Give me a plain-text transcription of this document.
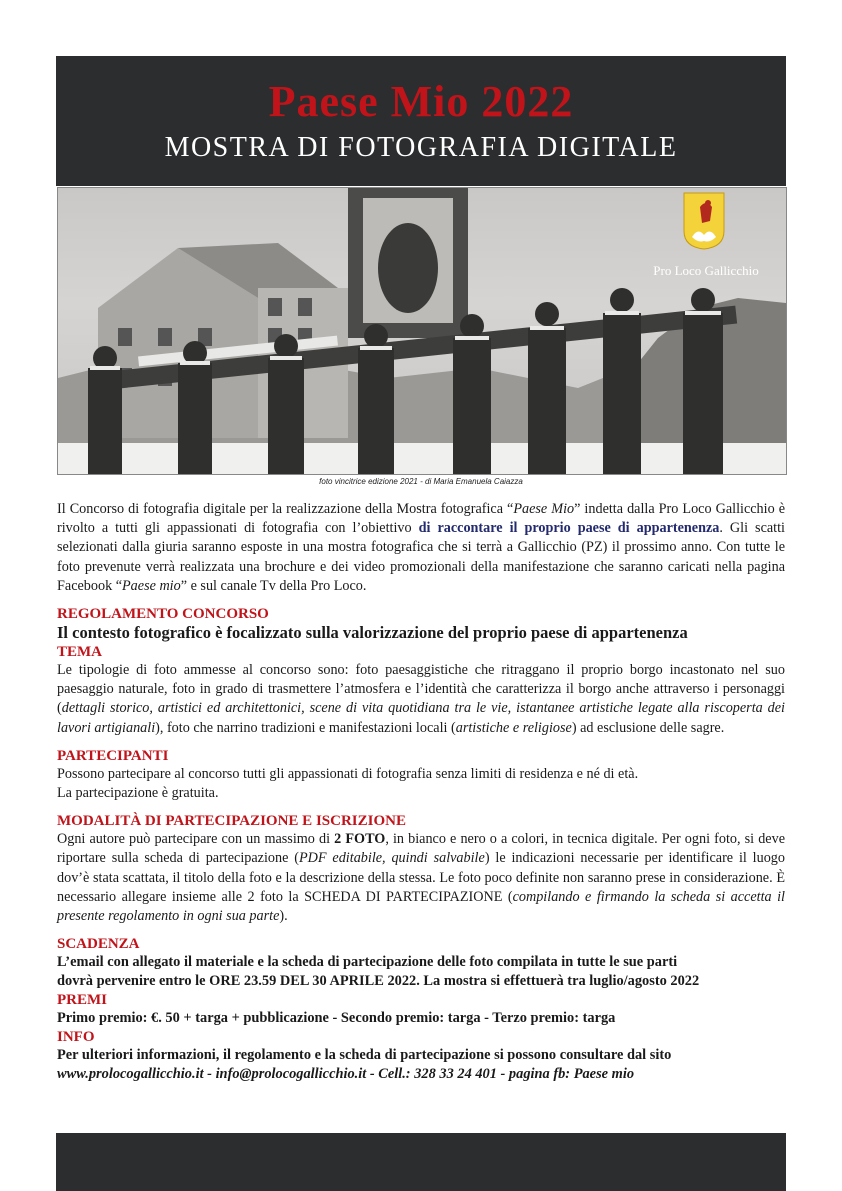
Paese Mio 2022
MOSTRA DI FOTOGRAFIA DIGITALE
Pro Loco Gallicchio
foto vincitrice edizione 2021 - di Maria Emanuela Caiazza

Il Concorso di fotografia digitale per la realizzazione della Mostra fotografica “Paese Mio” indetta dalla Pro Loco Gallicchio è rivolto a tutti gli appassionati di fotografia con l’obiettivo di raccontare il proprio paese di appartenenza. Gli scatti selezionati dalla giuria saranno esposte in una mostra fotografica che si terrà a Gallicchio (PZ) il prossimo anno. Con tutte le foto prevenute verrà realizzata una brochure e dei video promozionali della manifestazione che saranno caricati nella pagina Facebook “Paese mio” e sul canale Tv della Pro Loco.

REGOLAMENTO CONCORSO

Il contesto fotografico è focalizzato sulla valorizzazione del proprio paese di appartenenza

TEMA

Le tipologie di foto ammesse al concorso sono: foto paesaggistiche che ritraggano il proprio borgo incastonato nel suo paesaggio naturale, foto in grado di trasmettere l’atmosfera e l’identità che caratterizza il borgo anche attraverso i personaggi (dettagli storico, artistici ed architettonici, scene di vita quotidiana tra le vie, istantanee artistiche legate alla riscoperta dei lavori artigianali), foto che narrino tradizioni e manifestazioni locali (artistiche e religiose) ad esclusione delle sagre.

PARTECIPANTI

Possono partecipare al concorso tutti gli appassionati di fotografia senza limiti di residenza e né di età.

La partecipazione è gratuita.

MODALITÀ DI PARTECIPAZIONE E ISCRIZIONE

Ogni autore può partecipare con un massimo di 2 FOTO, in bianco e nero o a colori, in tecnica digitale. Per ogni foto, si deve riportare sulla scheda di partecipazione (PDF editabile, quindi salvabile) le indicazioni necessarie per identificare il luogo dov’è stata scattata, il titolo della foto e la descrizione della stessa. Le foto poco definite non saranno prese in considerazione. È necessario allegare insieme alle 2 foto la SCHEDA DI PARTECIPAZIONE (compilando e firmando la scheda si accetta il presente regolamento in ogni sua parte).

SCADENZA

L’email con allegato il materiale e la scheda di partecipazione delle foto compilata in tutte le sue parti

dovrà pervenire entro le ORE 23.59 DEL 30 APRILE 2022. La mostra si effettuerà tra luglio/agosto 2022

PREMI

Primo premio: €. 50 + targa + pubblicazione - Secondo premio: targa - Terzo premio: targa

INFO

Per ulteriori informazioni, il regolamento e la scheda di partecipazione si possono consultare dal sito

www.prolocogallicchio.it - info@prolocogallicchio.it - Cell.: 328 33 24 401 - pagina fb: Paese mio
